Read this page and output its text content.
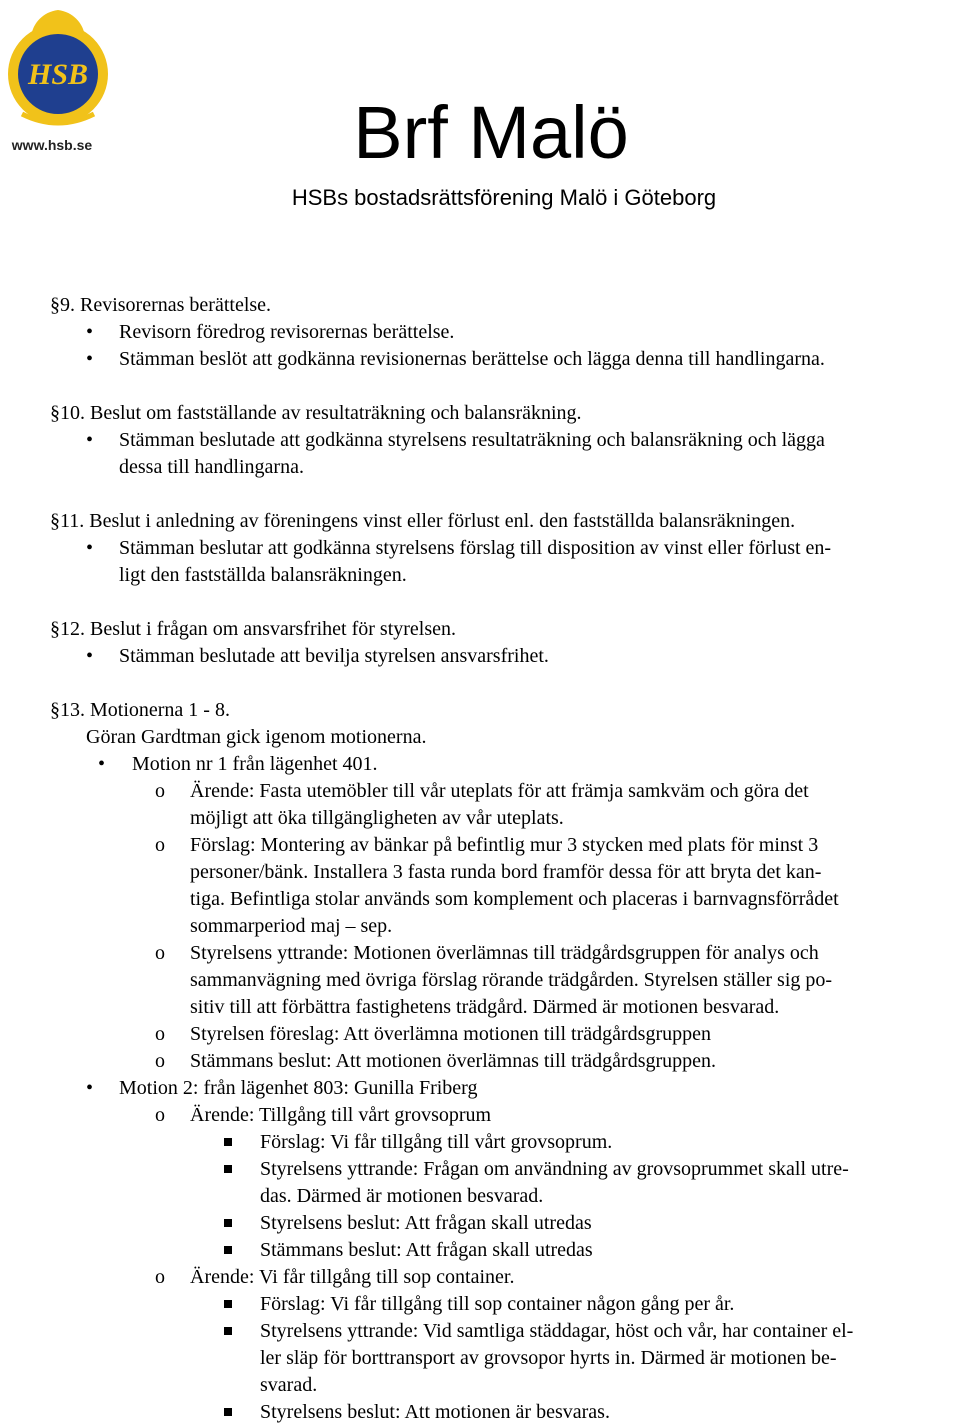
HSB
www.hsb.se	Brf Malö
HSBs bostadsrättsförening Malö i Göteborg
§9. Revisorernas berättelse.
• Revisorn föredrog revisorernas berättelse.
• Stämman beslöt att godkänna revisionernas berättelse och lägga denna till handlingarna.
§10. Beslut om fastställande av resultaträkning och balansräkning.
• Stämman beslutade att godkänna styrelsens resultaträkning och balansräkning och lägga
dessa till handlingarna.
§11. Beslut i anledning av föreningens vinst eller förlust enl. den fastställda balansräkningen.
• Stämman beslutar att godkänna styrelsens förslag till disposition av vinst eller förlust en-
ligt den fastställda balansräkningen.
§12. Beslut i frågan om ansvarsfrihet för styrelsen.
• Stämman beslutade att bevilja styrelsen ansvarsfrihet.
§13. Motionerna 1 - 8.
Göran Gardtman gick igenom motionerna.
• Motion nr 1 från lägenhet 401.
o Ärende: Fasta utemöbler till vår uteplats för att främja samkväm och göra det
möjligt att öka tillgängligheten av vår uteplats.
o Förslag: Montering av bänkar på befintlig mur 3 stycken med plats för minst 3
personer/bänk. Installera 3 fasta runda bord framför dessa för att bryta det kan-
tiga. Befintliga stolar används som komplement och placeras i barnvagnsförrådet
sommarperiod maj – sep.
o Styrelsens yttrande: Motionen överlämnas till trädgårdsgruppen för analys och
sammanvägning med övriga förslag rörande trädgården. Styrelsen ställer sig po-
sitiv till att förbättra fastighetens trädgård. Därmed är motionen besvarad.
o Styrelsen föreslag: Att överlämna motionen till trädgårdsgruppen
o Stämmans beslut: Att motionen överlämnas till trädgårdsgruppen.
• Motion 2: från lägenhet 803: Gunilla Friberg
o Ärende: Tillgång till vårt grovsoprum
Förslag: Vi får tillgång till vårt grovsoprum.
Styrelsens yttrande: Frågan om användning av grovsoprummet skall utre-
das. Därmed är motionen besvarad.
Styrelsens beslut: Att frågan skall utredas
Stämmans beslut: Att frågan skall utredas
o Ärende: Vi får tillgång till sop container.
Förslag: Vi får tillgång till sop container någon gång per år.
Styrelsens yttrande: Vid samtliga städdagar, höst och vår, har container el-
ler släp för borttransport av grovsopor hyrts in. Därmed är motionen be-
svarad.
Styrelsens beslut: Att motionen är besvaras.
